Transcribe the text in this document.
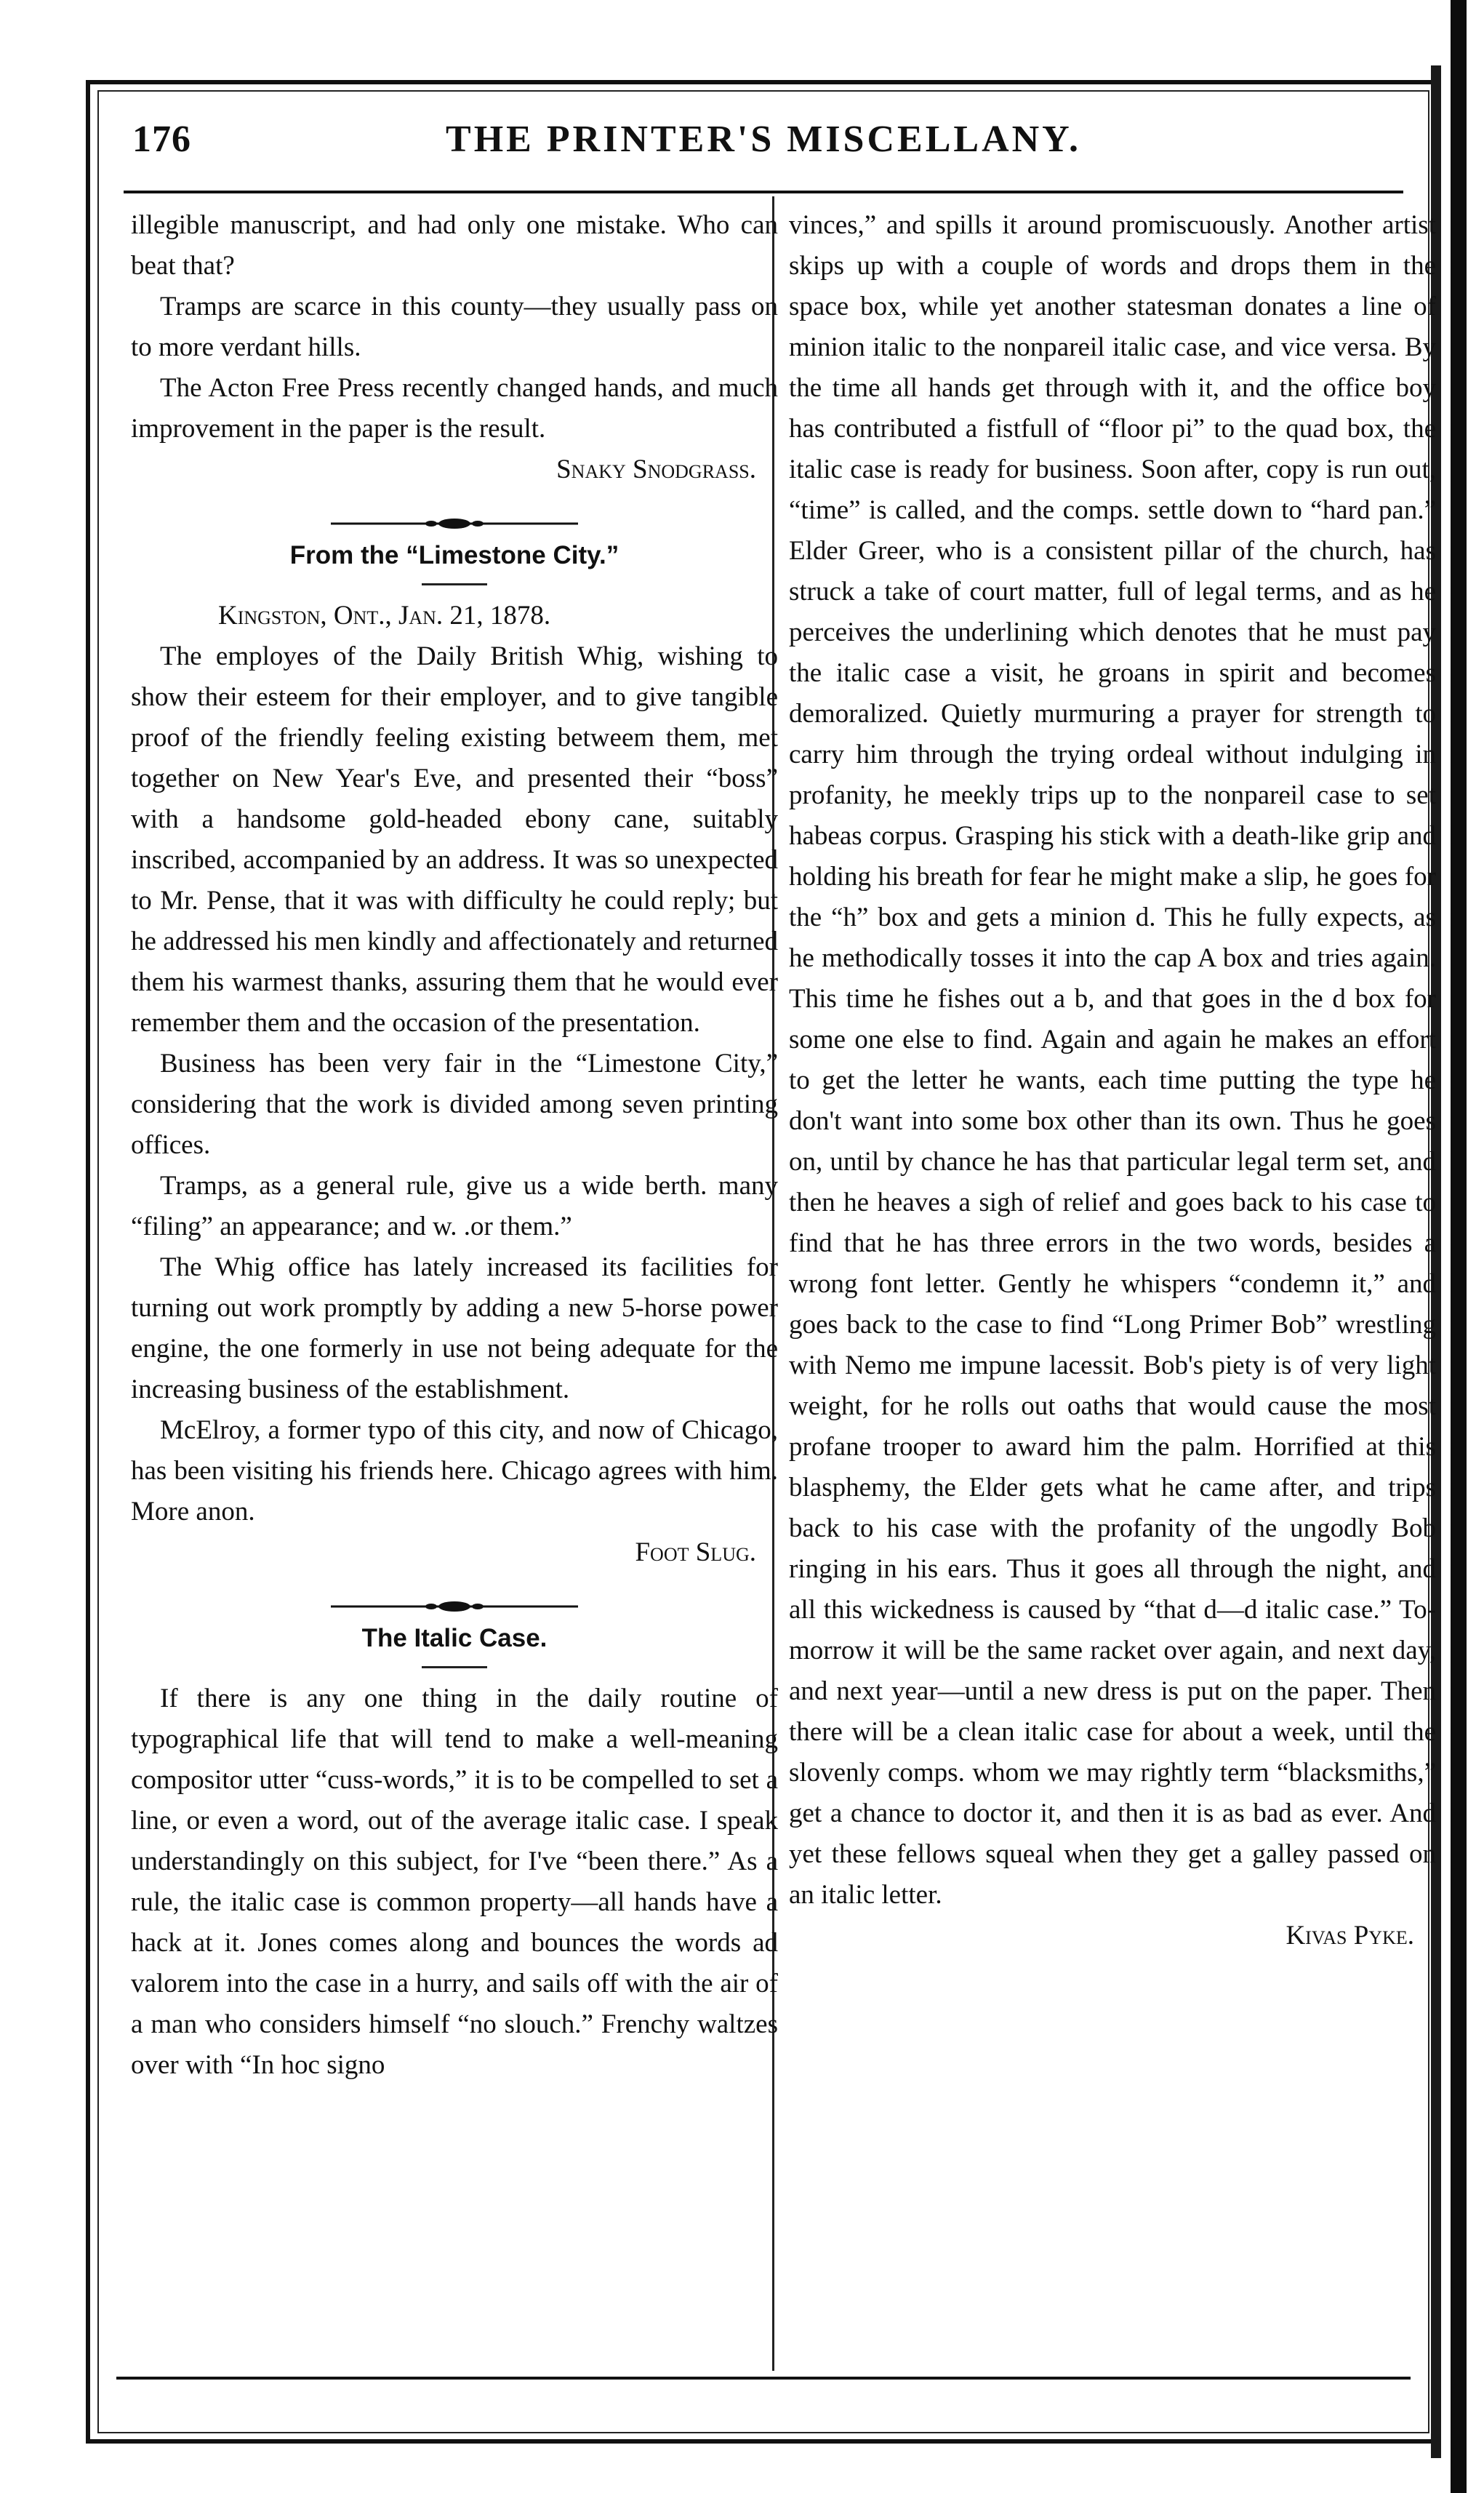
176	THE PRINTER'S MISCELLANY.

illegible manuscript, and had only one mistake. Who can beat that?

Tramps are scarce in this county—they usually pass on to more verdant hills.

The Acton Free Press recently changed hands, and much improvement in the paper is the result.

Snaky Snodgrass.

From the “Limestone City.”

Kingston, Ont., Jan. 21, 1878.

The employes of the Daily British Whig, wishing to show their esteem for their employer, and to give tangible proof of the friendly feeling existing betweem them, met together on New Year's Eve, and presented their “boss” with a handsome gold-headed ebony cane, suitably inscribed, accompanied by an address. It was so unexpected to Mr. Pense, that it was with difficulty he could reply; but he addressed his men kindly and affectionately and returned them his warmest thanks, assuring them that he would ever remember them and the occasion of the presentation.

Business has been very fair in the “Limestone City,” considering that the work is divided among seven printing offices.

Tramps, as a general rule, give us a wide berth. many “filing” an appearance; and w. .or them.”

The Whig office has lately increased its facilities for turning out work promptly by adding a new 5-horse power engine, the one formerly in use not being adequate for the increasing business of the establishment.

McElroy, a former typo of this city, and now of Chicago, has been visiting his friends here. Chicago agrees with him. More anon.

Foot Slug.

The Italic Case.

If there is any one thing in the daily routine of typographical life that will tend to make a well-meaning compositor utter “cuss-words,” it is to be compelled to set a line, or even a word, out of the average italic case. I speak understandingly on this subject, for I've “been there.” As a rule, the italic case is common property—all hands have a hack at it. Jones comes along and bounces the words ad valorem into the case in a hurry, and sails off with the air of a man who considers himself “no slouch.” Frenchy waltzes over with “In hoc signo

vinces,” and spills it around promiscuously. Another artist skips up with a couple of words and drops them in the space box, while yet another statesman donates a line of minion italic to the nonpareil italic case, and vice versa. By the time all hands get through with it, and the office boy has contributed a fistfull of “floor pi” to the quad box, the italic case is ready for business. Soon after, copy is run out, “time” is called, and the comps. settle down to “hard pan.” Elder Greer, who is a consistent pillar of the church, has struck a take of court matter, full of legal terms, and as he perceives the underlining which denotes that he must pay the italic case a visit, he groans in spirit and becomes demoralized. Quietly murmuring a prayer for strength to carry him through the trying ordeal without indulging in profanity, he meekly trips up to the nonpareil case to set habeas corpus. Grasping his stick with a death-like grip and holding his breath for fear he might make a slip, he goes for the “h” box and gets a minion d. This he fully expects, as he methodically tosses it into the cap A box and tries again. This time he fishes out a b, and that goes in the d box for some one else to find. Again and again he makes an effort to get the letter he wants, each time putting the type he don't want into some box other than its own. Thus he goes on, until by chance he has that particular legal term set, and then he heaves a sigh of relief and goes back to his case to find that he has three errors in the two words, besides a wrong font letter. Gently he whispers “condemn it,” and goes back to the case to find “Long Primer Bob” wrestling with Nemo me impune lacessit. Bob's piety is of very light weight, for he rolls out oaths that would cause the most profane trooper to award him the palm. Horrified at this blasphemy, the Elder gets what he came after, and trips back to his case with the profanity of the ungodly Bob ringing in his ears. Thus it goes all through the night, and all this wickedness is caused by “that d—d italic case.” To-morrow it will be the same racket over again, and next day, and next year—until a new dress is put on the paper. Then there will be a clean italic case for about a week, until the slovenly comps. whom we may rightly term “blacksmiths,” get a chance to doctor it, and then it is as bad as ever. And yet these fellows squeal when they get a galley passed on an italic letter.

Kivas Pyke.
